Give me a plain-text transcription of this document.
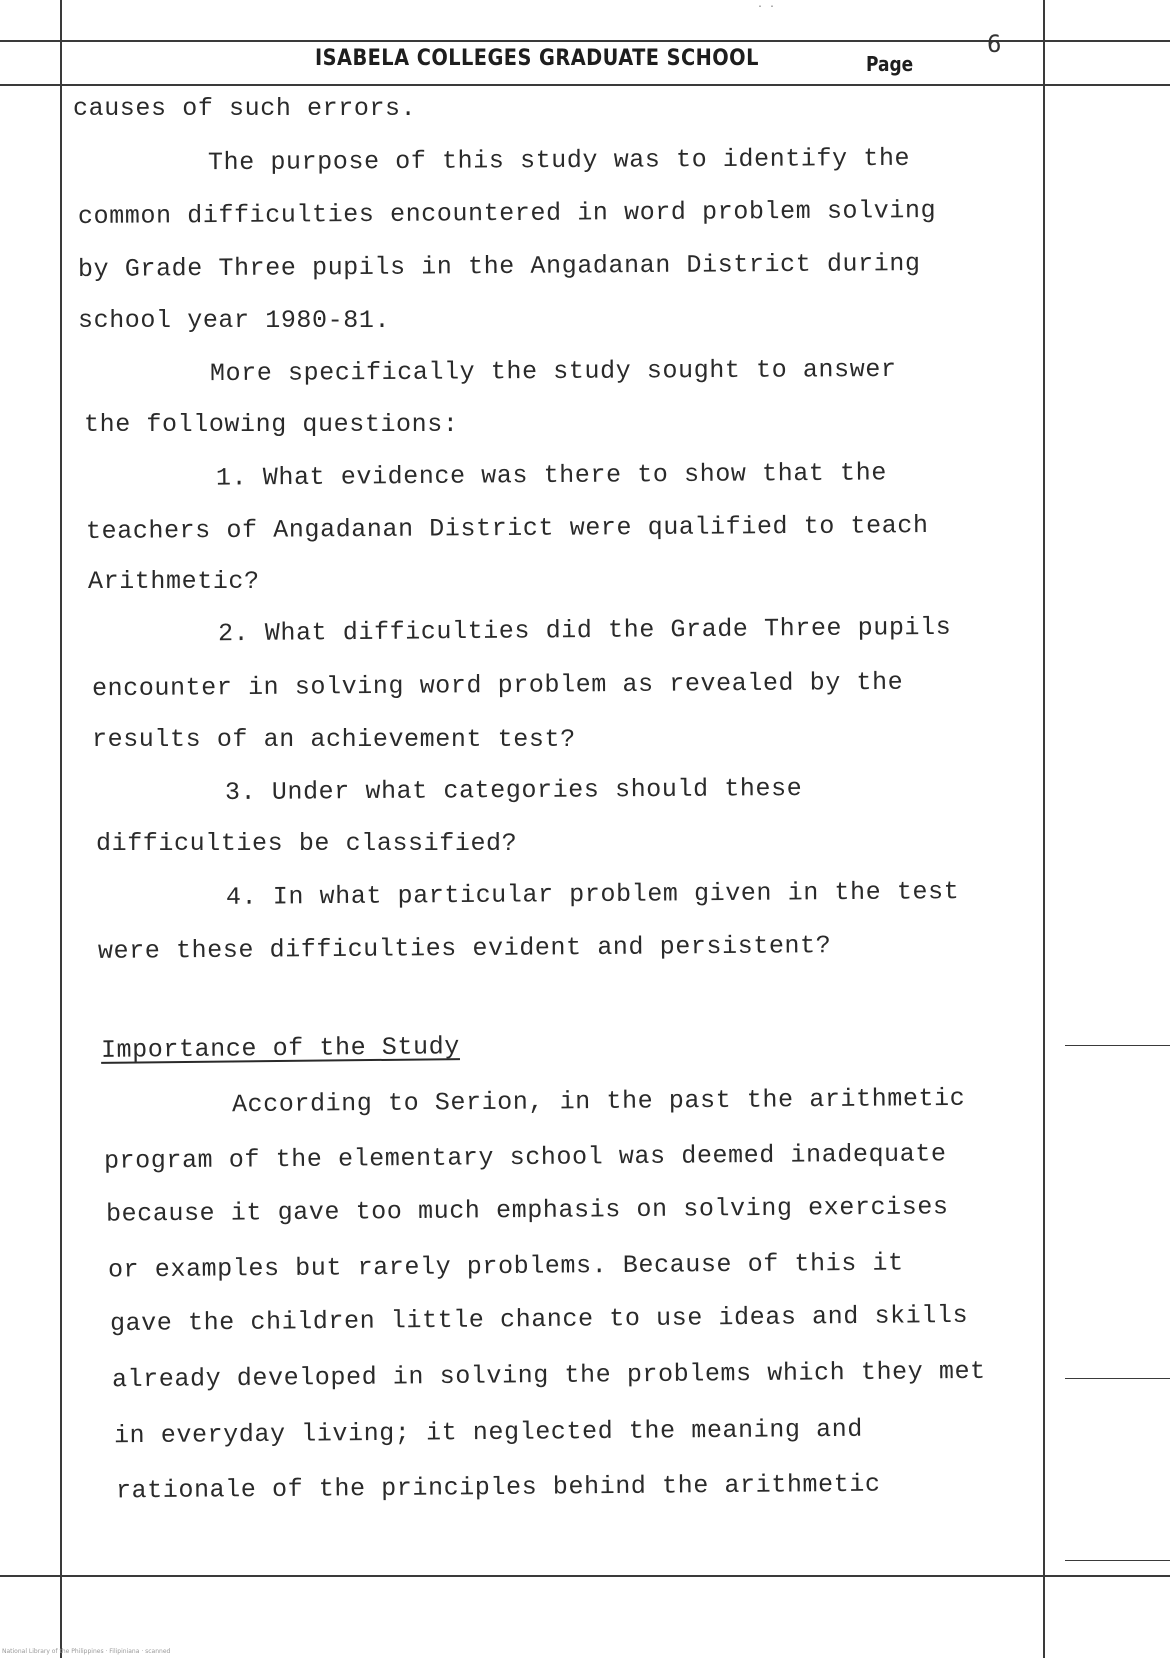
· ·
ISABELA COLLEGES GRADUATE SCHOOL	Page
6
causes of such errors.
The purpose of this study was to identify the
common difficulties encountered in word problem solving
by Grade Three pupils in the Angadanan District during
school year 1980-81.
More specifically the study sought to answer
the following questions:
1. What evidence was there to show that the
teachers of Angadanan District were qualified to teach
Arithmetic?
2. What difficulties did the Grade Three pupils
encounter in solving word problem as revealed by the
results of an achievement test?
3. Under what categories should these
difficulties be classified?
4. In what particular problem given in the test
were these difficulties evident and persistent?
Importance of the Study
According to Serion, in the past the arithmetic
program of the elementary school was deemed inadequate
because it gave too much emphasis on solving exercises
or examples but rarely problems. Because of this it
gave the children little chance to use ideas and skills
already developed in solving the problems which they met
in everyday living; it neglected the meaning and
rationale of the principles behind the arithmetic
National Library of the Philippines · Filipiniana · scanned
